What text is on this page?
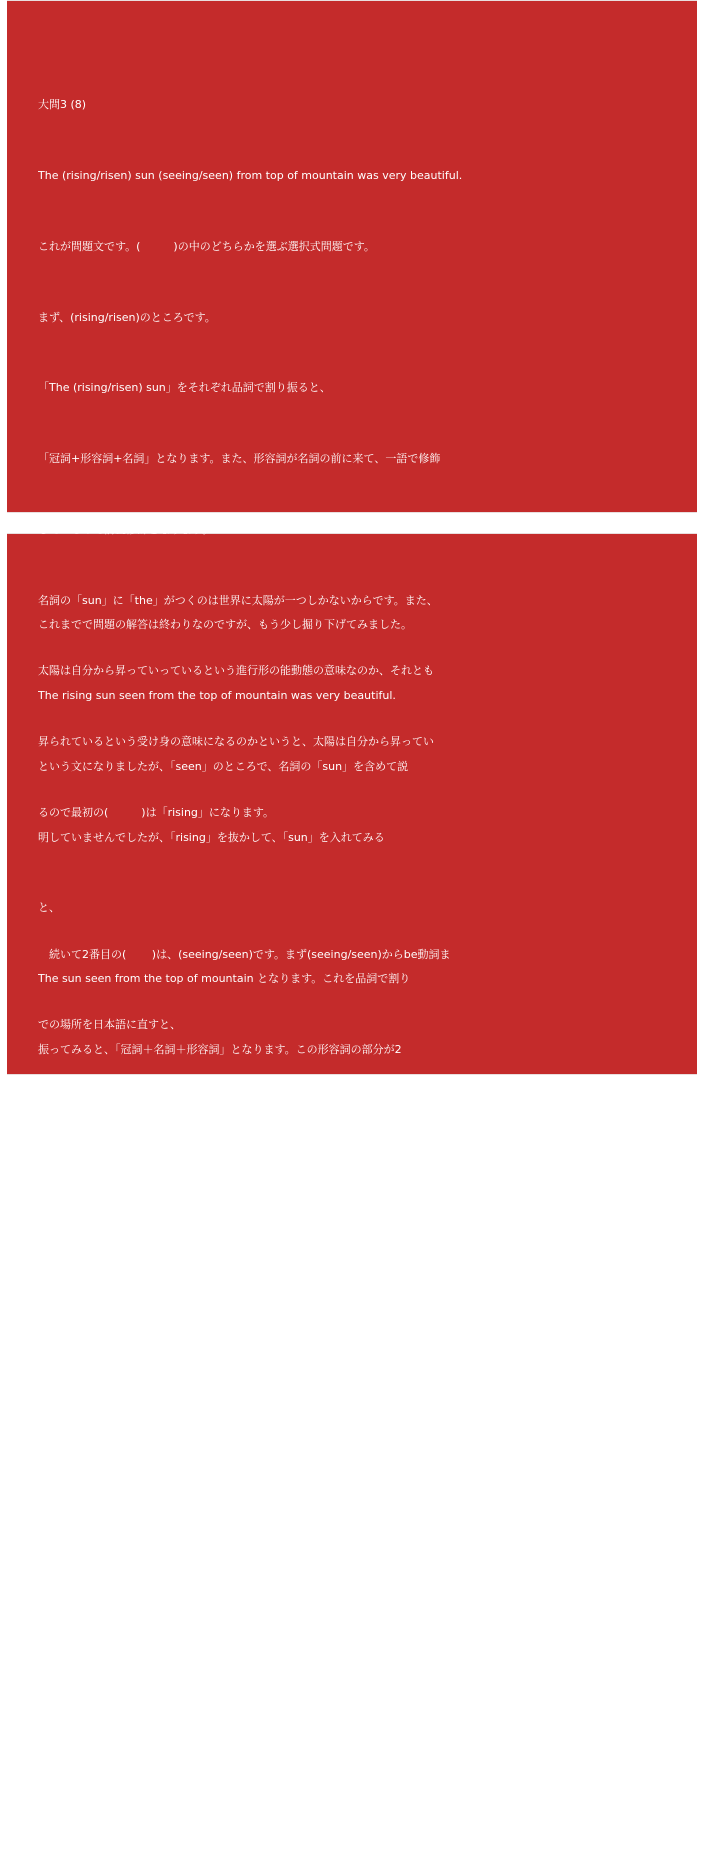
大問3 (8)

The (rising/risen) sun (seeing/seen) from top of mountain was very beautiful.

これが問題文です。(　　　)の中のどちらかを選ぶ選択式問題です。

まず、(rising/risen)のところです。

「The (rising/risen) sun」をそれぞれ品詞で割り振ると、

「冠詞+形容詞+名詞」となります。また、形容詞が名詞の前に来て、一語で修飾

しているので前置修飾となります。

名詞の「sun」に「the」がつくのは世界に太陽が一つしかないからです。また、

太陽は自分から昇っていっているという進行形の能動態の意味なのか、それとも

昇られているという受け身の意味になるのかというと、太陽は自分から昇ってい

るので最初の(　　　)は「rising」になります。

　続いて2番目の(　　 )は、(seeing/seen)です。まず(seeing/seen)からbe動詞ま

での場所を日本語に直すと、

　「山の上から(見ている/見られている)」となります。そうすると、太陽は自分

から人を見ているのか、それとも人によって見られているのかというと太陽はひ

とによって見られているので、見られているは受け身の意味になるので2番目の

(　　　)は「seen」になります。

これまでで問題の解答は終わりなのですが、もう少し掘り下げてみました。

The rising sun seen from the top of mountain was very beautiful.

という文になりましたが、「seen」のところで、名詞の「sun」を含めて説

明していませんでしたが、「rising」を抜かして、「sun」を入れてみる

と、

The sun seen from the top of mountain となります。これを品詞で割り

振ってみると、「冠詞＋名詞＋形容詞」となります。この形容詞の部分が2

語以上であれば、後置修飾となります。

　それを踏まえて見てみると、「seen~mountain」まで6語なので、

「sun」を後ろから2語以上で修飾しているため後置修飾となります。

つまり、この文章は前置修飾と後置修飾の混合文ということです！

　次にこの文全体を訳してみると、

「山の上から見られて昇っている太陽はとても美しかった。」になり

「The rising sun seen from the top of mountain was very beautiful.」なの

で文型にすると、「The~mountain」までが(S)、「was」が(V)、

「beautiful」が(C)になります。この文は太陽が美しかったので、(S)=(C)の

関係が成り立つので、第二文型ということになります。

以上で、大問3 (8)の解説を終わります。
